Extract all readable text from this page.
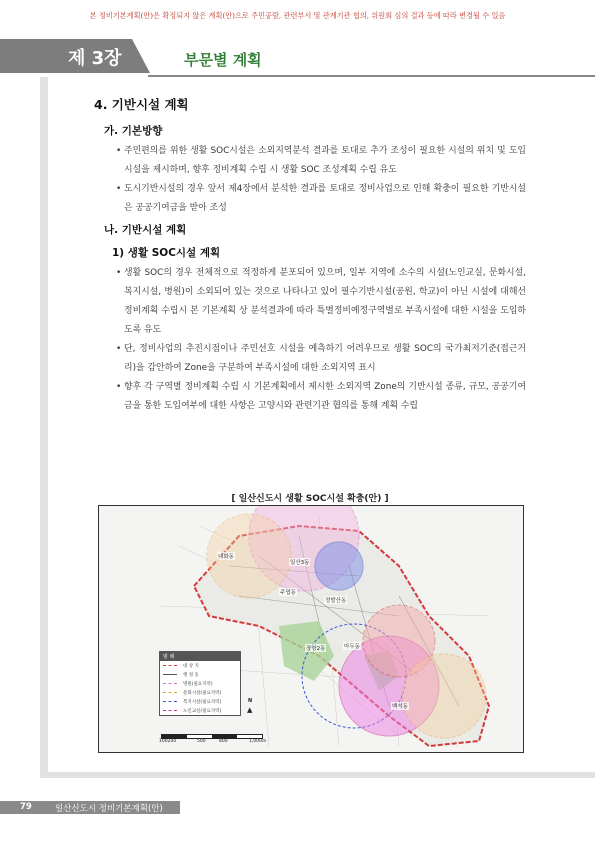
본 정비기본계획(안)은 확정되지 않은 계획(안)으로 주민공람, 관련부서 및 관계기관 협의, 위원회 심의 결과 등에 따라 변경될 수 있음
제 3장	부문별 계획
4. 기반시설 계획
가. 기본방향
• 주민편의를 위한 생활 SOC시설은 소외지역분석 결과를 토대로 추가 조성이 필요한 시설의 위치 및 도입시설을 제시하며, 향후 정비계획 수립 시 생활 SOC 조성계획 수립 유도
• 도시기반시설의 경우 앞서 제4장에서 분석한 결과를 토대로 정비사업으로 인해 확충이 필요한 기반시설은 공공기여금을 받아 조성
나. 기반시설 계획
1) 생활 SOC시설 계획
• 생활 SOC의 경우 전체적으로 적정하게 분포되어 있으며, 일부 지역에 소수의 시설(노인교실, 문화시설, 복지시설, 병원)이 소외되어 있는 것으로 나타나고 있어 필수기반시설(공원, 학교)이 아닌 시설에 대해선 정비계획 수립시 본 기본계획 상 분석결과에 따라 특별정비예정구역별로 부족시설에 대한 시설을 도입하도록 유도
• 단, 정비사업의 추진시점이나 주민선호 시설을 예측하기 어려우므로 생활 SOC의 국가최저기준(접근거리)을 감안하여 Zone을 구분하여 부족시설에 대한 소외지역 표시
• 향후 각 구역별 정비계획 수립 시 기본계획에서 제시한 소외지역 Zone의 기반시설 종류, 규모, 공공기여금을 통한 도입여부에 대한 사항은 고양시와 관련기관 협의를 통해 계획 수립
[ 일산신도시 생활 SOC시설 확충(안) ]
대화동
일산3동
주엽동
정발산동
장항2동	마두동
백석동
범 례
대 상 지
행 정 동
병원(필요지역)
문화시설(필요지역)
복지시설(필요지역)
노인교실(필요지역)	▲
N
100200	500	800	1,000m
79	일산신도시 정비기본계획(안)
